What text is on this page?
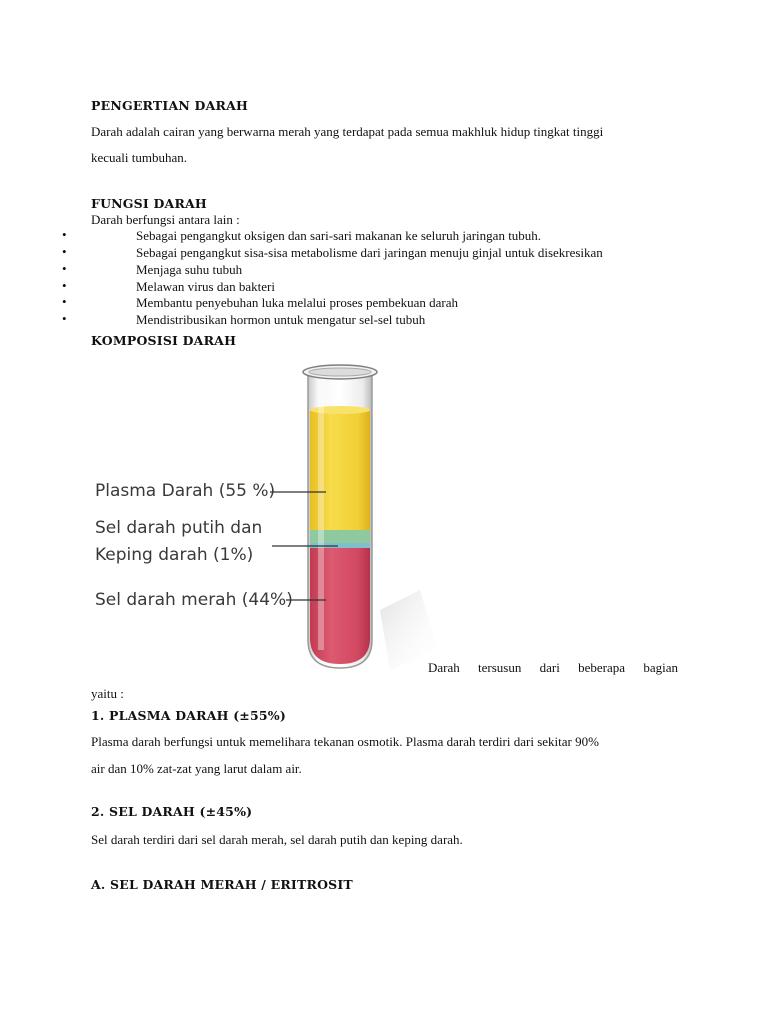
PENGERTIAN DARAH
Darah adalah cairan yang berwarna merah yang terdapat pada semua makhluk hidup tingkat tinggi
kecuali tumbuhan.
FUNGSI DARAH
Darah berfungsi antara lain :
•	Sebagai pengangkut oksigen dan sari-sari makanan ke seluruh jaringan tubuh.
•	Sebagai pengangkut sisa-sisa metabolisme dari jaringan menuju ginjal untuk disekresikan
•	Menjaga suhu tubuh
•	Melawan virus dan bakteri
•	Membantu penyebuhan luka melalui proses pembekuan darah
•	Mendistribusikan hormon untuk mengatur sel-sel tubuh
KOMPOSISI DARAH
Plasma Darah (55 %)
Sel darah putih dan
Keping darah (1%)
Sel darah merah (44%)
Darah tersusun dari beberapa bagian
yaitu :
1. PLASMA DARAH (±55%)
Plasma darah berfungsi untuk memelihara tekanan osmotik. Plasma darah terdiri dari sekitar 90%
air dan 10% zat-zat yang larut dalam air.
2. SEL DARAH (±45%)
Sel darah terdiri dari sel darah merah, sel darah putih dan keping darah.
A. SEL DARAH MERAH / ERITROSIT
